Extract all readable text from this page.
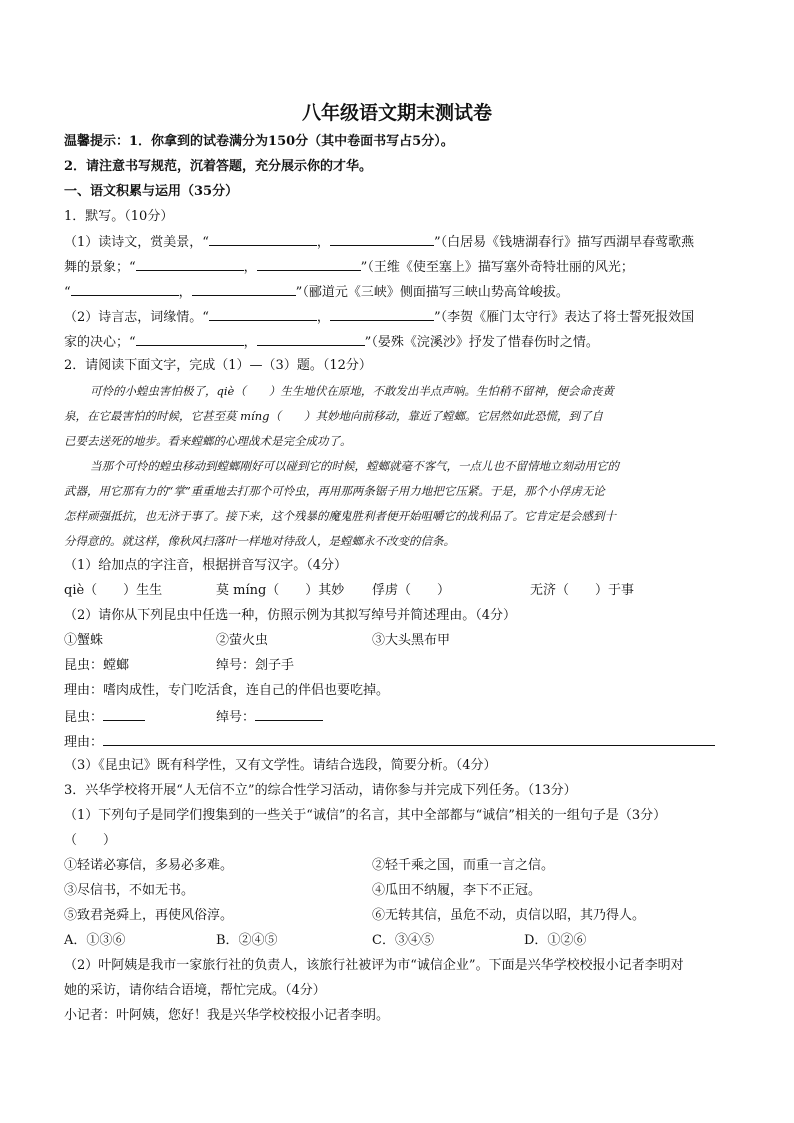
八年级语文期末测试卷
温馨提示：1．你拿到的试卷满分为150分（其中卷面书写占5分）。
2．请注意书写规范，沉着答题，充分展示你的才华。
一、语文积累与运用（35分）
1．默写。（10分）
（1）读诗文，赏美景，“	，	”（白居易《钱塘湖春行》描写西湖早春莺歌燕
舞的景象；“	，	”（王维《使至塞上》描写塞外奇特壮丽的风光；
“	，	”（郦道元《三峡》侧面描写三峡山势高耸峻拔。
（2）诗言志，词缘情。“	，	”（李贺《雁门太守行》表达了将士誓死报效国
家的决心；“	，	”（晏殊《浣溪沙》抒发了惜春伤时之情。
2．请阅读下面文字，完成（1）—（3）题。（12分）
可怜的小蝗虫害怕极了，qiè（　　）生生地伏在原地，不敢发出半点声响。生怕稍不留神，便会命丧黄
泉，在它最害怕的时候，它甚至莫 míng（　　）其妙地向前移动，靠近了螳螂。它居然如此恐慌，到了自
已要去送死的地步。看来螳螂的心理战术是完全成功了。
当那个可怜的蝗虫移动到螳螂刚好可以碰到它的时候，螳螂就毫不客气，一点儿也不留情地立刻动用它的
武器，用它那有力的“掌”重重地去打那个可怜虫，再用那两条锯子用力地把它压紧。于是，那个小俘虏无论
怎样顽强抵抗，也无济于事了。接下来，这个残暴的魔鬼胜利者便开始咀嚼它的战利品了。它肯定是会感到十
分得意的。就这样，像秋风扫落叶一样地对待敌人，是螳螂永不改变的信条。
（1）给加点的字注音，根据拼音写汉字。（4分）
qiè（　　）生生	莫 míng（　　）其妙 俘虏（　　）	无济（　　）于事
（2）请你从下列昆虫中任选一种，仿照示例为其拟写绰号并简述理由。（4分）
①蟹蛛	②萤火虫	③大头黑布甲
昆虫：螳螂	绰号：刽子手
理由：嗜肉成性，专门吃活食，连自己的伴侣也要吃掉。
昆虫：	绰号：
理由：
（3）《昆虫记》既有科学性，又有文学性。请结合选段，简要分析。（4分）
3．兴华学校将开展“人无信不立”的综合性学习活动，请你参与并完成下列任务。（13分）
（1）下列句子是同学们搜集到的一些关于“诚信”的名言，其中全部都与“诚信”相关的一组句子是（3分）
（　　）
①轻诺必寡信，多易必多难。	②轻千乘之国，而重一言之信。
③尽信书，不如无书。	④瓜田不纳履，李下不正冠。
⑤致君尧舜上，再使风俗淳。	⑥无转其信，虽危不动，贞信以昭，其乃得人。
A．①③⑥	B．②④⑤	C．③④⑤	D．①②⑥
（2）叶阿姨是我市一家旅行社的负责人，该旅行社被评为市“诚信企业”。下面是兴华学校校报小记者李明对
她的采访，请你结合语境，帮忙完成。（4分）
小记者：叶阿姨，您好！我是兴华学校校报小记者李明。
